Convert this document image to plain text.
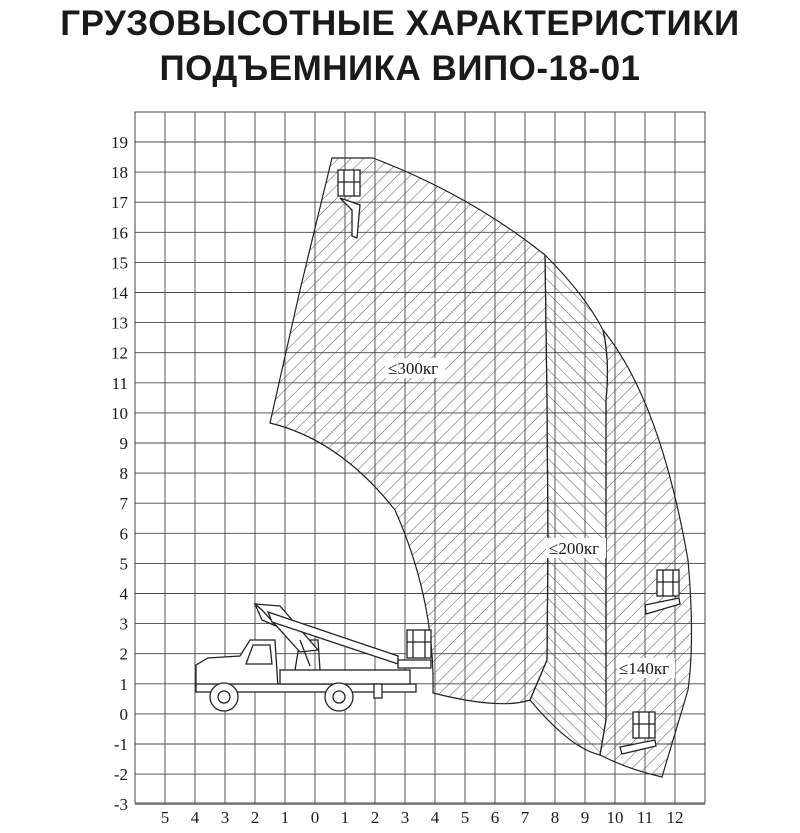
ГРУЗОВЫСОТНЫЕ ХАРАКТЕРИСТИКИ
ПОДЪЕМНИКА ВИПО-18-01
≤300кг
≤200кг
≤140кг
19
18
17
16
15
14
13
12
11
10
9
8
7
6
5
4
3
2
1
0
-1
-2
-3
5 4 3 2 1 0 1 2 3 4 5 6 7 8 9 10 11 12
